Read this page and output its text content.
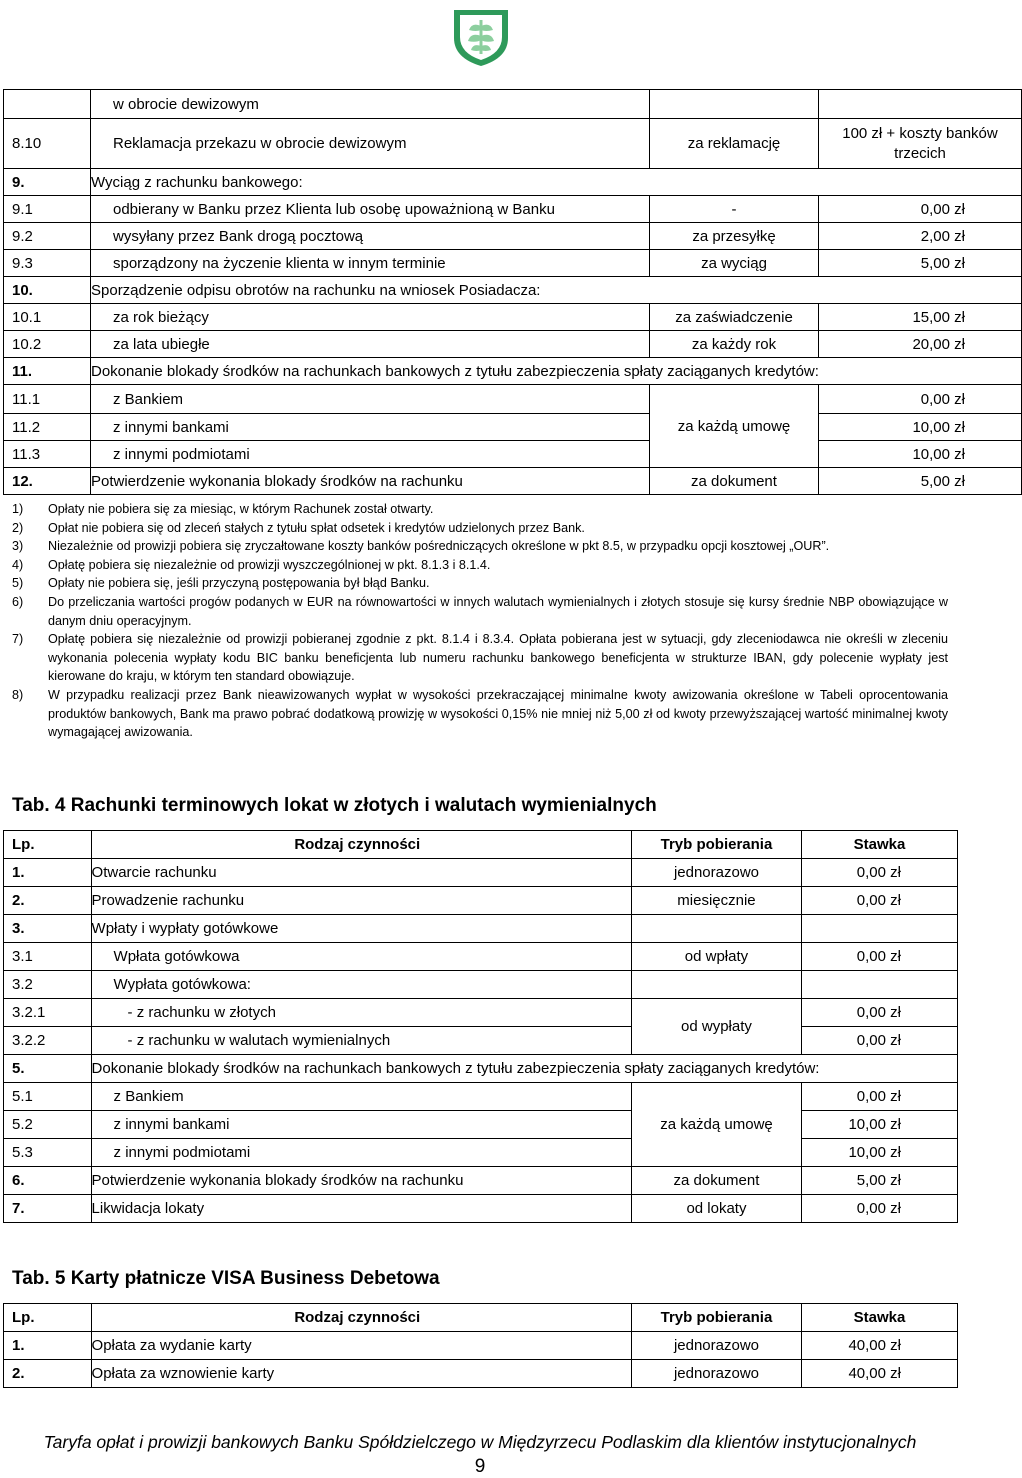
	w obrocie dewizowym		
8.10	Reklamacja przekazu w obrocie dewizowym	za reklamację	100 zł + koszty banków trzecich
9.	Wyciąg z rachunku bankowego:		
9.1	odbierany w Banku przez Klienta lub osobę upoważnioną w Banku	-	0,00 zł
9.2	wysyłany przez Bank drogą pocztową	za przesyłkę	2,00 zł
9.3	sporządzony na życzenie klienta w innym terminie	za wyciąg	5,00 zł
10.	Sporządzenie odpisu obrotów na rachunku na wniosek Posiadacza:		
10.1	za rok bieżący	za zaświadczenie	15,00 zł
10.2	za lata ubiegłe	za każdy rok	20,00 zł
11.	Dokonanie blokady środków na rachunkach bankowych z tytułu zabezpieczenia spłaty zaciąganych kredytów:		
11.1	z Bankiem	za każdą umowę	0,00 zł
11.2	z innymi bankami		10,00 zł
11.3	z innymi podmiotami		10,00 zł
12.	Potwierdzenie wykonania blokady środków na rachunku	za dokument	5,00 zł
1)	Opłaty nie pobiera się za miesiąc, w którym Rachunek został otwarty.
2)	Opłat nie pobiera się od zleceń stałych z tytułu spłat odsetek i kredytów udzielonych przez Bank.
3)	Niezależnie od prowizji pobiera się zryczałtowane koszty banków pośredniczących określone w pkt 8.5, w przypadku opcji kosztowej „OUR”.
4)	Opłatę pobiera się niezależnie od prowizji wyszczególnionej w pkt. 8.1.3 i 8.1.4.
5)	Opłaty nie pobiera się, jeśli przyczyną postępowania był błąd Banku.
6)	Do przeliczania wartości progów podanych w EUR na równowartości w innych walutach wymienialnych i złotych stosuje się kursy średnie NBP obowiązujące w danym dniu operacyjnym.
7)	Opłatę pobiera się niezależnie od prowizji pobieranej zgodnie z pkt. 8.1.4 i 8.3.4. Opłata pobierana jest w sytuacji, gdy zleceniodawca nie określi w zleceniu wykonania polecenia wypłaty kodu BIC banku beneficjenta lub numeru rachunku bankowego beneficjenta w strukturze IBAN, gdy polecenie wypłaty jest kierowane do kraju, w którym ten standard obowiązuje.
8)	W przypadku realizacji przez Bank nieawizowanych wypłat w wysokości przekraczającej minimalne kwoty awizowania określone w Tabeli oprocentowania produktów bankowych, Bank ma prawo pobrać dodatkową prowizję w wysokości 0,15% nie mniej niż 5,00 zł od kwoty przewyższającej wartość minimalnej kwoty wymagającej awizowania.
Tab. 4 Rachunki terminowych lokat w złotych i walutach wymienialnych
Lp.	Rodzaj czynności	Tryb pobierania	Stawka
1.	Otwarcie rachunku	jednorazowo	0,00 zł
2.	Prowadzenie rachunku	miesięcznie	0,00 zł
3.	Wpłaty i wypłaty gotówkowe		
3.1	Wpłata gotówkowa	od wpłaty	0,00 zł
3.2	Wypłata gotówkowa:		
3.2.1	- z rachunku w złotych	od wypłaty	0,00 zł
3.2.2	- z rachunku w walutach wymienialnych		0,00 zł
5.	Dokonanie blokady środków na rachunkach bankowych z tytułu zabezpieczenia spłaty zaciąganych kredytów:		
5.1	z Bankiem	za każdą umowę	0,00 zł
5.2	z innymi bankami		10,00 zł
5.3	z innymi podmiotami		10,00 zł
6.	Potwierdzenie wykonania blokady środków na rachunku	za dokument	5,00 zł
7.	Likwidacja lokaty	od lokaty	0,00 zł
Tab. 5 Karty płatnicze VISA Business Debetowa
Lp.	Rodzaj czynności	Tryb pobierania	Stawka
1.	Opłata za wydanie karty	jednorazowo	40,00 zł
2.	Opłata za wznowienie karty	jednorazowo	40,00 zł
Taryfa opłat i prowizji bankowych Banku Spółdzielczego w Międzyrzecu Podlaskim dla klientów instytucjonalnych
9
